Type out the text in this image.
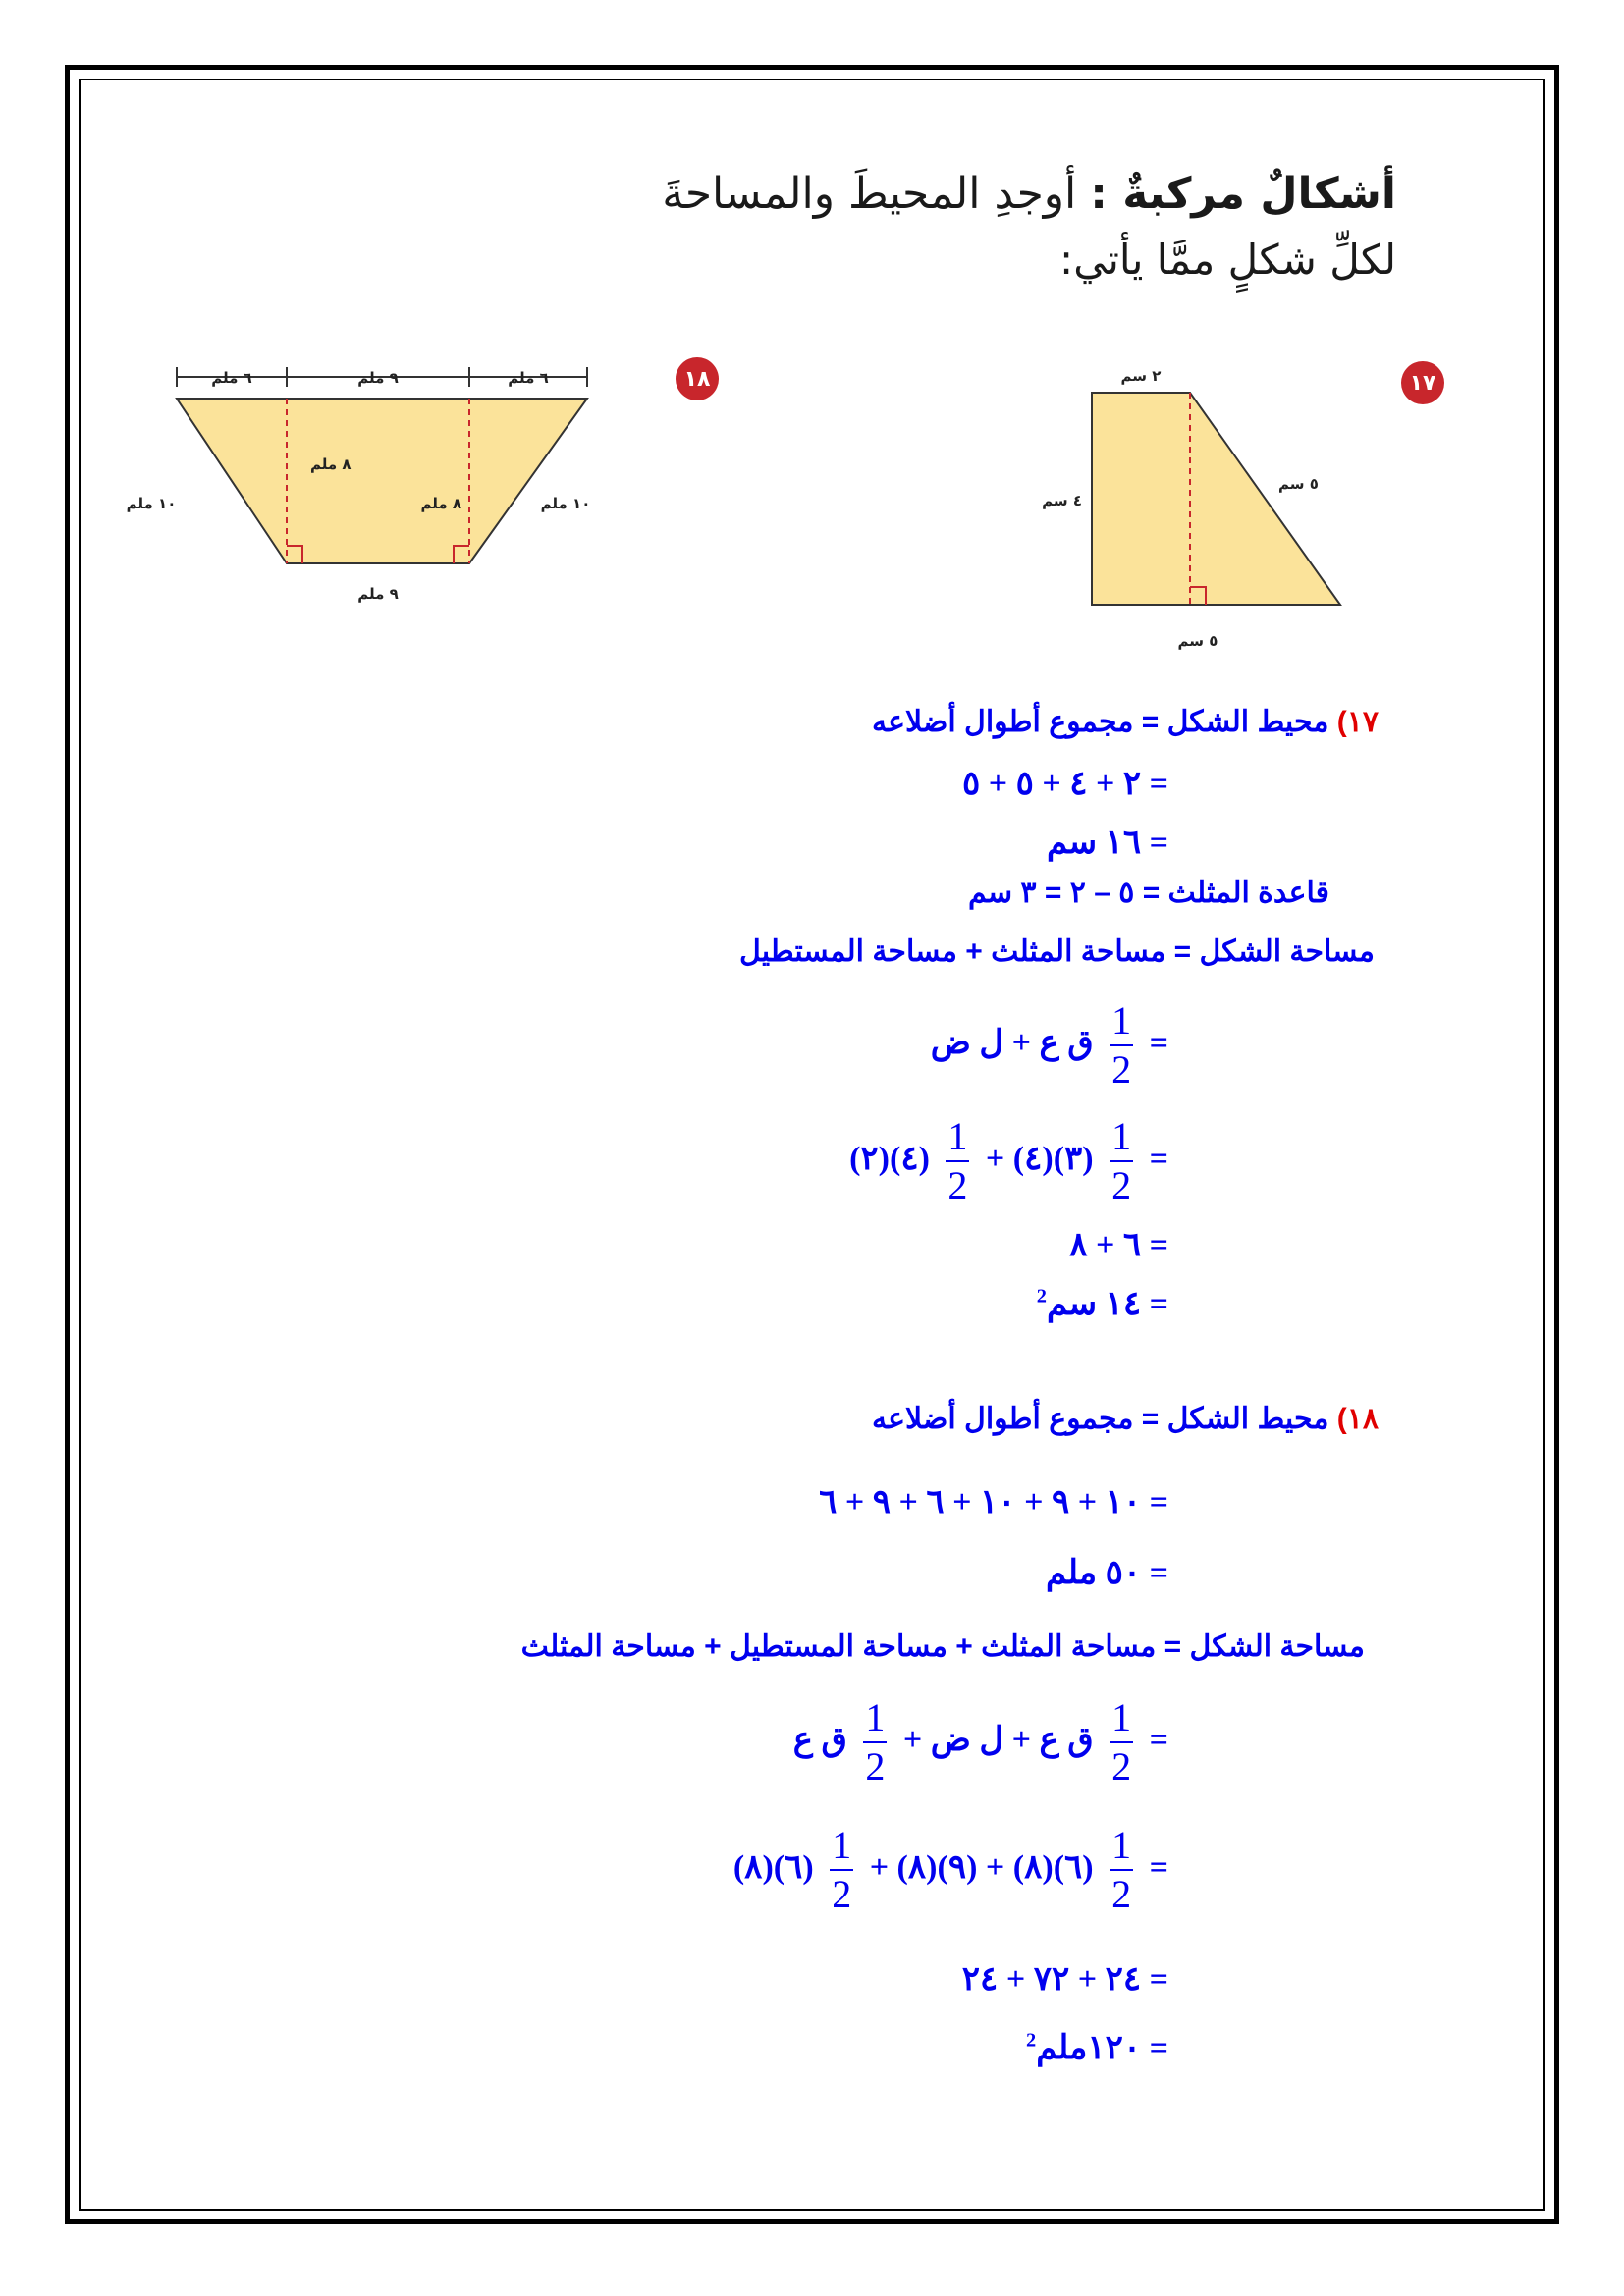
أشكالٌ مركبةٌ : أوجدِ المحيطَ والمساحةَ
لكلِّ شكلٍ ممَّا يأتي:
١٧
١٨	٢ سم
٤ سم
٥ سم
٥ سم
٦ ملم	٩ ملم	٦ ملم
٨ ملم
٨ ملم
١٠ ملم	١٠ ملم
٩ ملم
١٧) محيط الشكل = مجموع أطوال أضلاعه
= ٢ + ٤ + ٥ + ٥
= ١٦ سم
قاعدة المثلث = ٥ – ٢ = ٣ سم
مساحة الشكل = مساحة المثلث + مساحة المستطيل
=
$\frac{1}{2}$
ق ع + ل ض
=
$\frac{1}{2}$
(٣)(٤) +
$\frac{1}{2}$
(٤)(٢)
= ٦ + ٨
= ١٤ سم$^2$
١٨) محيط الشكل = مجموع أطوال أضلاعه
= ١٠ + ٩ + ١٠ + ٦ + ٩ + ٦
= ٥٠ ملم
مساحة الشكل = مساحة المثلث + مساحة المستطيل + مساحة المثلث
=
$\frac{1}{2}$
ق ع + ل ض +
$\frac{1}{2}$
ق ع
=
$\frac{1}{2}$
(٦)(٨) + (٩)(٨) +
$\frac{1}{2}$
(٦)(٨)
= ٢٤ + ٧٢ + ٢٤
= ١٢٠ملم$^2$
